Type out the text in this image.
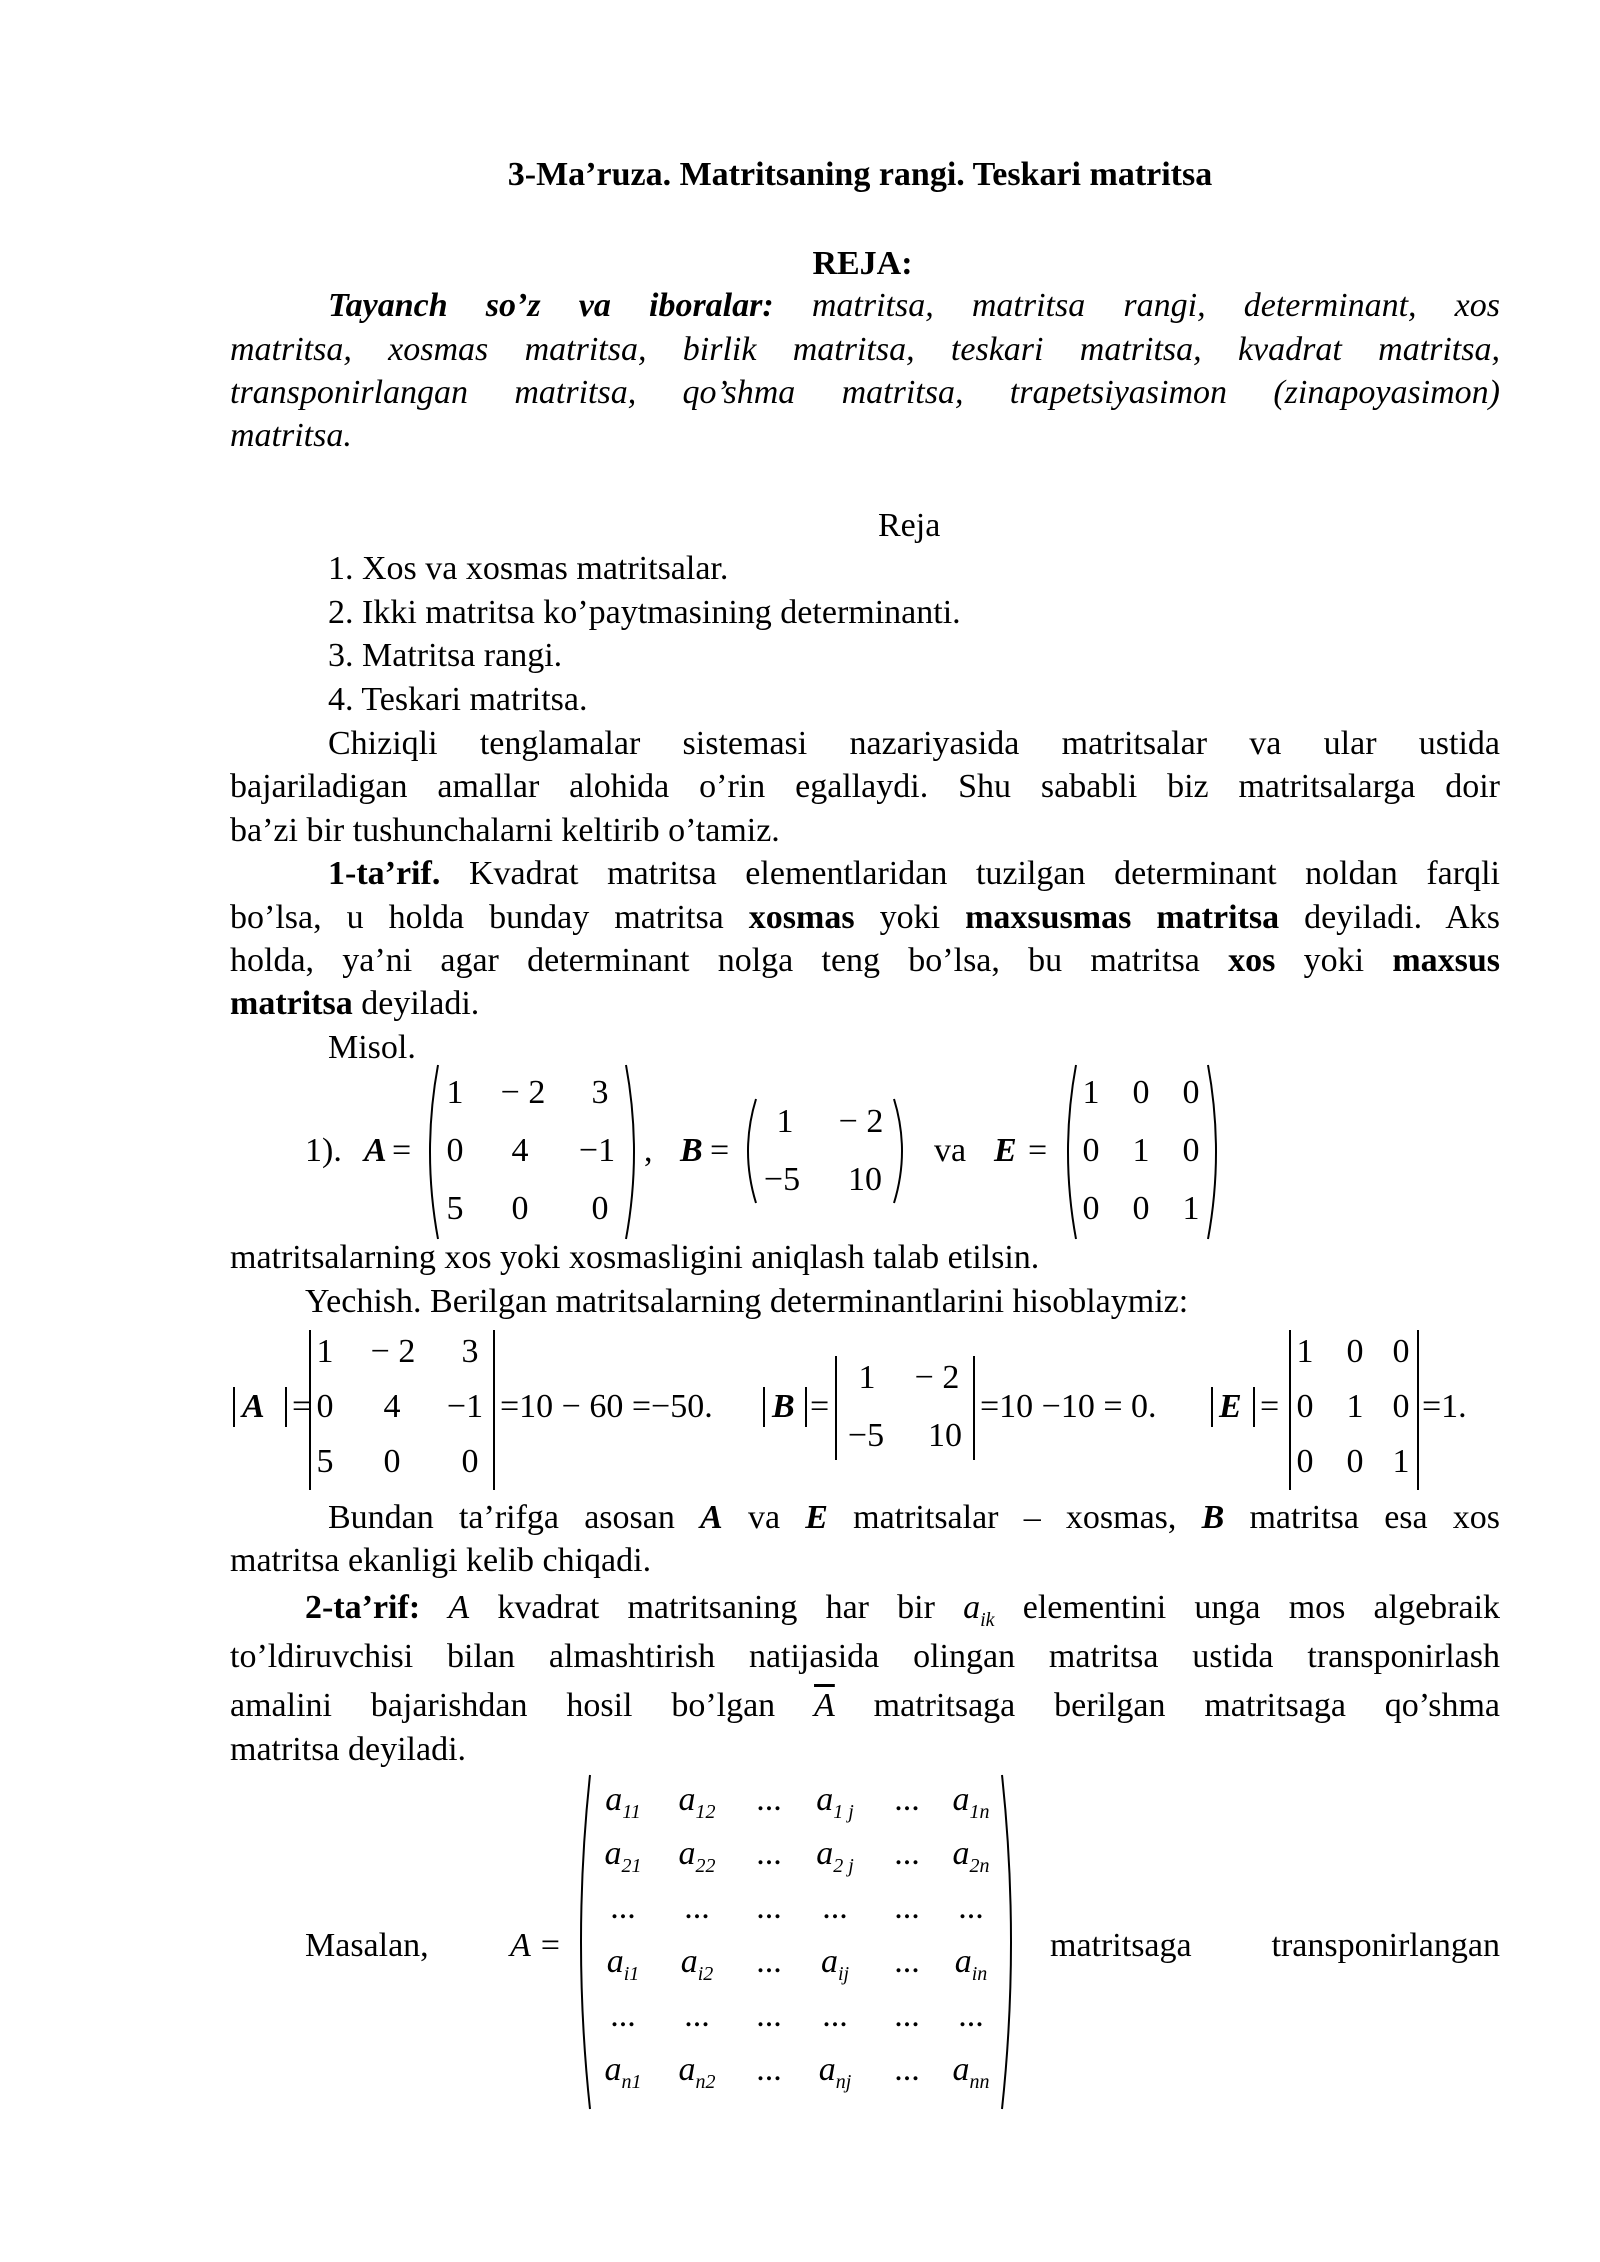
3-Ma’ruza. Matritsaning rangi. Teskari matritsa
REJA:
Tayanch so’z va iboralar: matritsa, matritsa rangi, determinant, xos
matritsa, xosmas matritsa, birlik matritsa, teskari matritsa, kvadrat matritsa,
transponirlangan matritsa, qo’shma matritsa, trapetsiyasimon (zinapoyasimon)
matritsa.
Reja
1. Xos va xosmas matritsalar.
2. Ikki matritsa ko’paytmasining determinanti.
3. Matritsa rangi.
4. Teskari matritsa.
Chiziqli tenglamalar sistemasi nazariyasida matritsalar va ular ustida
bajariladigan amallar alohida o’rin egallaydi. Shu sababli biz matritsalarga doir
ba’zi bir tushunchalarni keltirib o’tamiz.
1-ta’rif. Kvadrat matritsa elementlaridan tuzilgan determinant noldan farqli
bo’lsa, u holda bunday matritsa xosmas yoki maxsusmas matritsa deyiladi. Aks
holda, ya’ni agar determinant nolga teng bo’lsa, bu matritsa xos yoki maxsus
matritsa deyiladi.
Misol.
1). A =
1	− 2	3
0	4	−1
5	0	0
, B =
1	− 2
−5	10
va E =
1 0 0
0 1 0
0 0 1
matritsalarning xos yoki xosmasligini aniqlash talab etilsin.
Yechish. Berilgan matritsalarning determinantlarini hisoblaymiz:
A =
1	− 2	3
0	4	−1
5	0	0
=10 − 60 =−50. B =
1	− 2
−5	10
=10 −10 = 0. E =
1 0 0
0 1 0
0 0 1
=1.
Bundan ta’rifga asosan A va E matritsalar – xosmas, B matritsa esa xos
matritsa ekanligi kelib chiqadi.
2-ta’rif: A kvadrat matritsaning har bir $a_{ik}$ elementini unga mos algebraik
to’ldiruvchisi bilan almashtirish natijasida olingan matritsa ustida transponirlash
amalini bajarishdan hosil bo’lgan $\overline{A}$ matritsaga berilgan matritsaga qo’shma
matritsa deyiladi.
Masalan, A =
$a_{11}$	$a_{12}$	...	$a_{1 j}$	... $a_{1n}$
$a_{21}$	$a_{22}$	...	$a_{2 j}$	... $a_{2n}$
...	...	...	...	...	...
$a_{i1}$	$a_{i2}$	...	$a_{ij}$	...	$a_{in}$
...	...	...	...	...	...
$a_{n1}$	$a_{n2}$	...	$a_{nj}$	... $a_{nn}$
matritsaga transponirlangan
